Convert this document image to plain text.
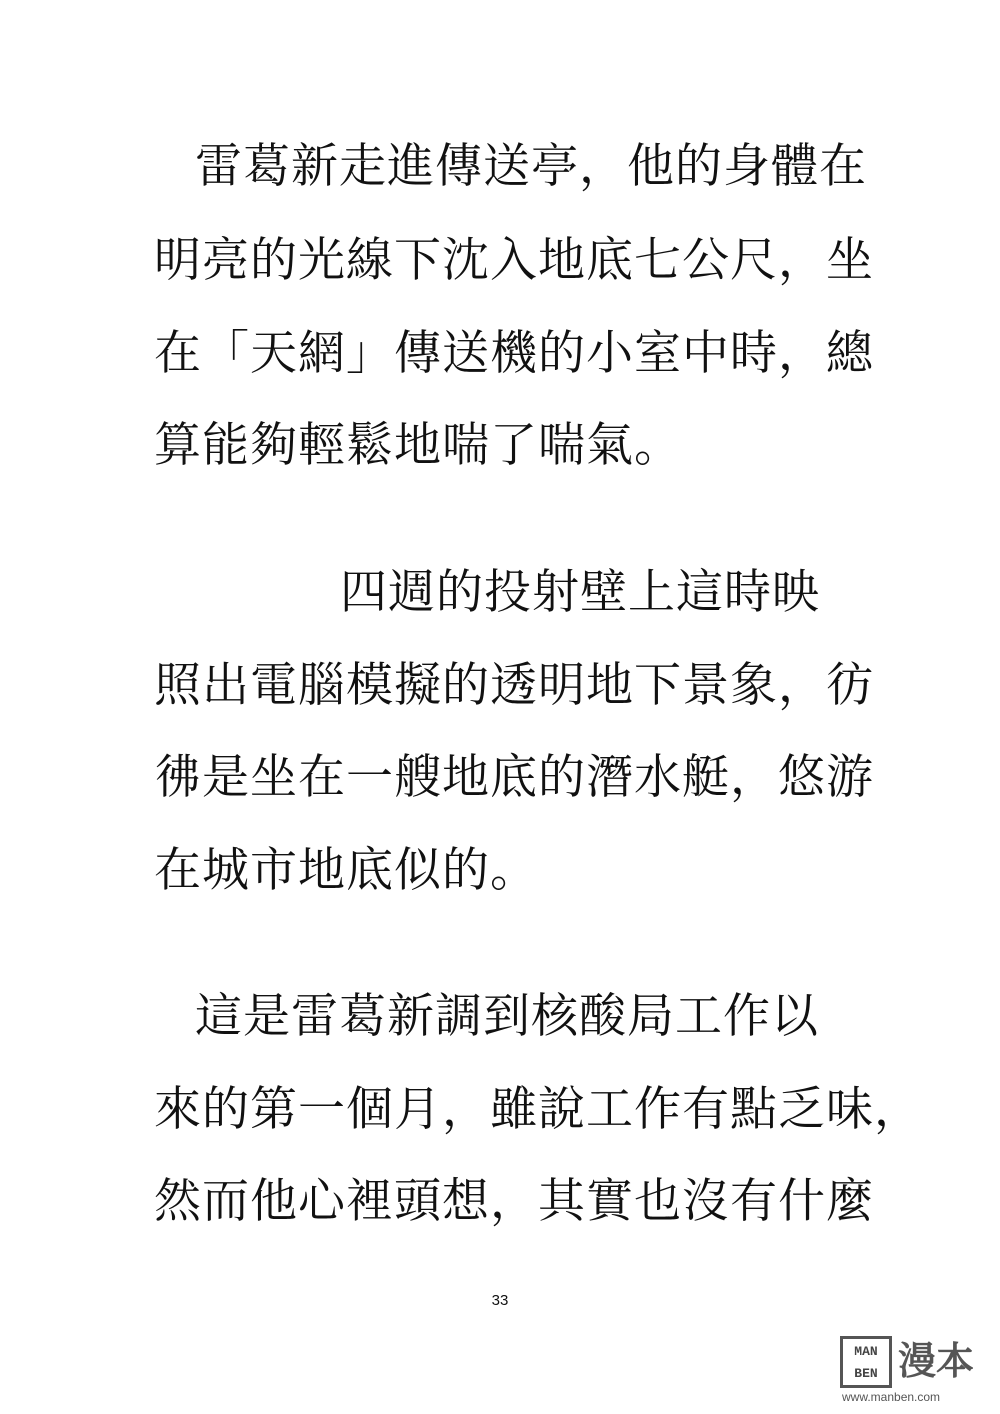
雷葛新走進傳送亭，他的身體在
明亮的光線下沈入地底七公尺，坐
在「天網」傳送機的小室中時，總
算能夠輕鬆地喘了喘氣。
四週的投射壁上這時映
照出電腦模擬的透明地下景象，彷
彿是坐在一艘地底的潛水艇，悠游
在城市地底似的。
這是雷葛新調到核酸局工作以
來的第一個月，雖說工作有點乏味，
然而他心裡頭想，其實也沒有什麼
33
MAN BEN 漫本
www.manben.com
